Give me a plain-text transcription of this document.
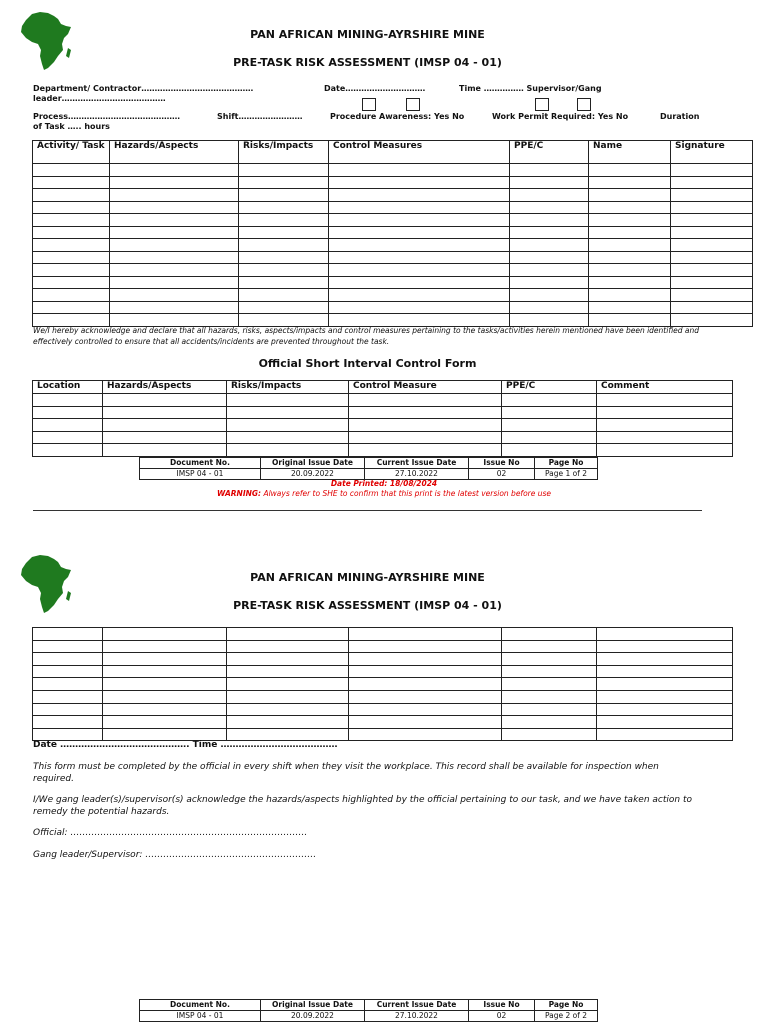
PAN AFRICAN MINING-AYRSHIRE MINE
PRE-TASK RISK ASSESSMENT (IMSP 04 - 01)
Department/ Contractor……………………………………	Date…………………………	Time …………… Supervisor/Gang
leader…………………………………
Process……………………………………	Shift……………………	Procedure Awareness: Yes No	Work Permit Required: Yes No	Duration
of Task ….. hours
Activity/ Task	Hazards/Aspects	Risks/Impacts	Control Measures	PPE/C	Name	Signature

We/I hereby acknowledge and declare that all hazards, risks, aspects/impacts and control measures pertaining to the tasks/activities herein mentioned have been identified and effectively controlled to ensure that all accidents/incidents are prevented throughout the task.
Official Short Interval Control Form
Location	Hazards/Aspects	Risks/Impacts	Control Measure	PPE/C	Comment

Document No.	Original Issue Date	Current Issue Date	Issue No	Page No
IMSP 04 - 01	20.09.2022	27.10.2022	02	Page 1 of 2
Date Printed: 18/08/2024
WARNING: Always refer to SHE to confirm that this print is the latest version before use
PAN AFRICAN MINING-AYRSHIRE MINE
PRE-TASK RISK ASSESSMENT (IMSP 04 - 01)

Date ……………………………………. Time …………………………………
This form must be completed by the official in every shift when they visit the workplace. This record shall be available for inspection when required.
I/We gang leader(s)/supervisor(s) acknowledge the hazards/aspects highlighted by the official pertaining to our task, and we have taken action to remedy the potential hazards.
Official: …………………………………………………………………….
Gang leader/Supervisor: …………………………………………………
Document No.	Original Issue Date	Current Issue Date	Issue No	Page No
IMSP 04 - 01	20.09.2022	27.10.2022	02	Page 2 of 2
